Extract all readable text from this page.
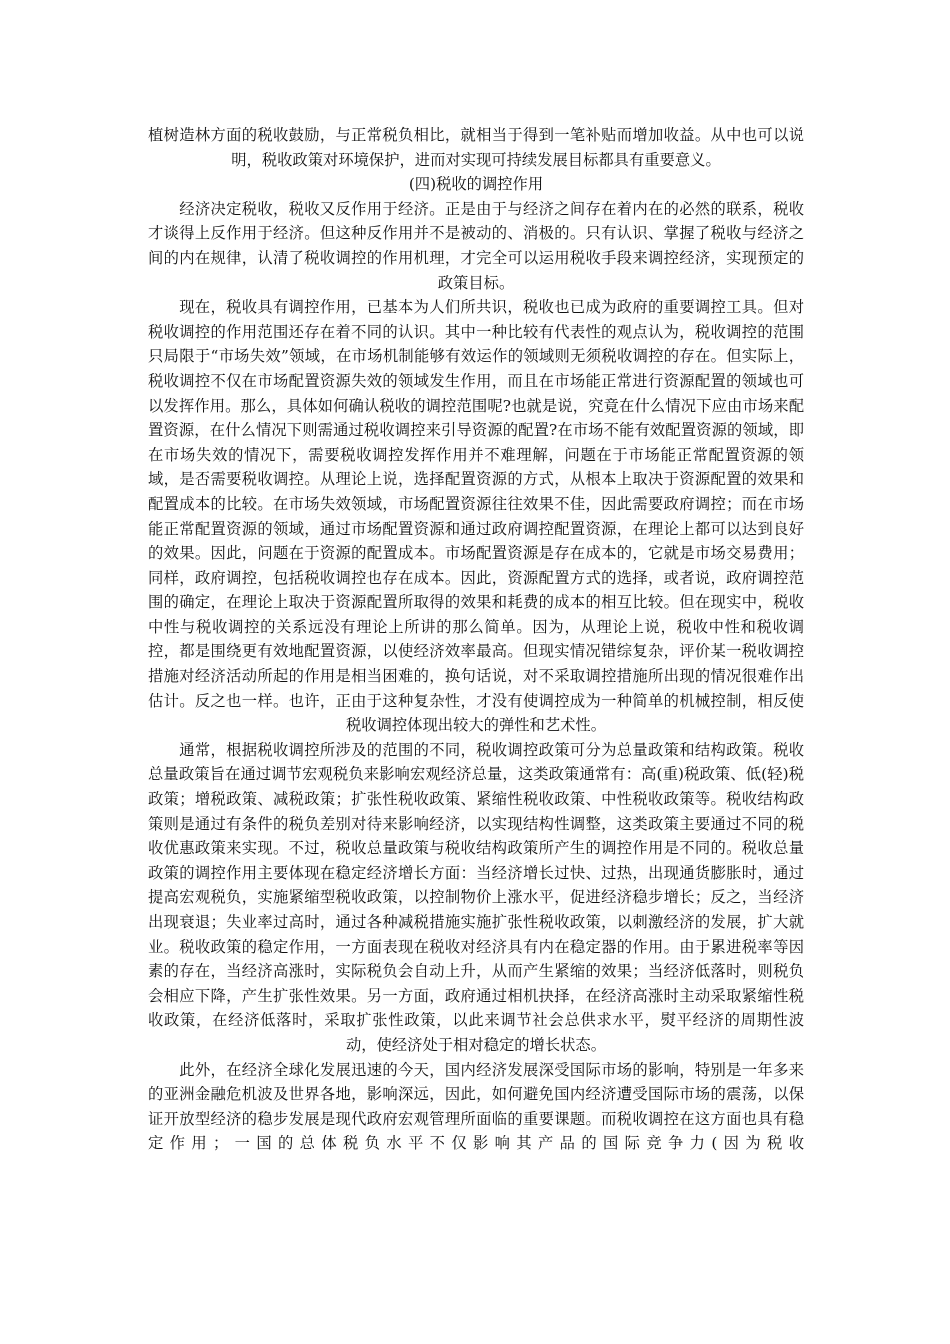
植树造林方面的税收鼓励，与正常税负相比，就相当于得到一笔补贴而增加收益。从中也可以说明，税收政策对环境保护，进而对实现可持续发展目标都具有重要意义。

(四)税收的调控作用

　　经济决定税收，税收又反作用于经济。正是由于与经济之间存在着内在的必然的联系，税收才谈得上反作用于经济。但这种反作用并不是被动的、消极的。只有认识、掌握了税收与经济之间的内在规律，认清了税收调控的作用机理，才完全可以运用税收手段来调控经济，实现预定的政策目标。

　　现在，税收具有调控作用，已基本为人们所共识，税收也已成为政府的重要调控工具。但对税收调控的作用范围还存在着不同的认识。其中一种比较有代表性的观点认为，税收调控的范围只局限于“市场失效”领域，在市场机制能够有效运作的领域则无须税收调控的存在。但实际上，税收调控不仅在市场配置资源失效的领域发生作用，而且在市场能正常进行资源配置的领域也可以发挥作用。那么，具体如何确认税收的调控范围呢?也就是说，究竟在什么情况下应由市场来配置资源，在什么情况下则需通过税收调控来引导资源的配置?在市场不能有效配置资源的领域，即在市场失效的情况下，需要税收调控发挥作用并不难理解，问题在于市场能正常配置资源的领域，是否需要税收调控。从理论上说，选择配置资源的方式，从根本上取决于资源配置的效果和配置成本的比较。在市场失效领域，市场配置资源往往效果不佳，因此需要政府调控；而在市场能正常配置资源的领域，通过市场配置资源和通过政府调控配置资源，在理论上都可以达到良好的效果。因此，问题在于资源的配置成本。市场配置资源是存在成本的，它就是市场交易费用；同样，政府调控，包括税收调控也存在成本。因此，资源配置方式的选择，或者说，政府调控范围的确定，在理论上取决于资源配置所取得的效果和耗费的成本的相互比较。但在现实中，税收中性与税收调控的关系远没有理论上所讲的那么简单。因为，从理论上说，税收中性和税收调控，都是围绕更有效地配置资源，以使经济效率最高。但现实情况错综复杂，评价某一税收调控措施对经济活动所起的作用是相当困难的，换句话说，对不采取调控措施所出现的情况很难作出估计。反之也一样。也许，正由于这种复杂性，才没有使调控成为一种简单的机械控制，相反使税收调控体现出较大的弹性和艺术性。

　　通常，根据税收调控所涉及的范围的不同，税收调控政策可分为总量政策和结构政策。税收总量政策旨在通过调节宏观税负来影响宏观经济总量，这类政策通常有：高(重)税政策、低(轻)税政策；增税政策、减税政策；扩张性税收政策、紧缩性税收政策、中性税收政策等。税收结构政策则是通过有条件的税负差别对待来影响经济，以实现结构性调整，这类政策主要通过不同的税收优惠政策来实现。不过，税收总量政策与税收结构政策所产生的调控作用是不同的。税收总量政策的调控作用主要体现在稳定经济增长方面：当经济增长过快、过热，出现通货膨胀时，通过提高宏观税负，实施紧缩型税收政策，以控制物价上涨水平，促进经济稳步增长；反之，当经济出现衰退；失业率过高时，通过各种减税措施实施扩张性税收政策，以刺激经济的发展，扩大就业。税收政策的稳定作用，一方面表现在税收对经济具有内在稳定器的作用。由于累进税率等因素的存在，当经济高涨时，实际税负会自动上升，从而产生紧缩的效果；当经济低落时，则税负会相应下降，产生扩张性效果。另一方面，政府通过相机抉择，在经济高涨时主动采取紧缩性税收政策，在经济低落时，采取扩张性政策，以此来调节社会总供求水平，熨平经济的周期性波动，使经济处于相对稳定的增长状态。

　　此外，在经济全球化发展迅速的今天，国内经济发展深受国际市场的影响，特别是一年多来的亚洲金融危机波及世界各地，影响深远，因此，如何避免国内经济遭受国际市场的震荡，以保证开放型经济的稳步发展是现代政府宏观管理所面临的重要课题。而税收调控在这方面也具有稳定作用；一国的总体税负水平不仅影响其产品的国际竞争力(因为税收
